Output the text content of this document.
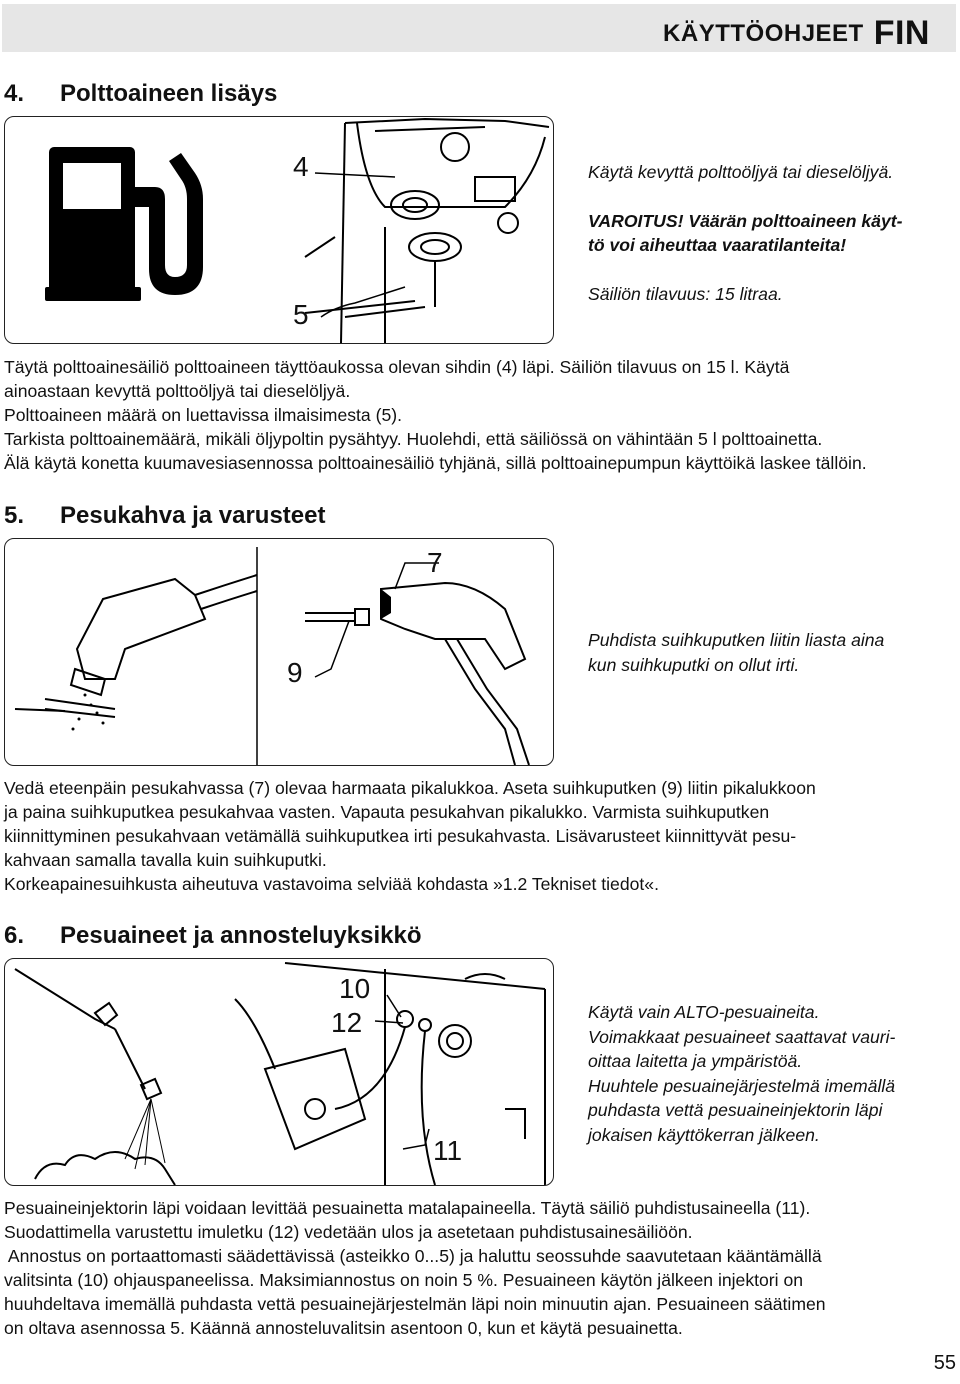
KÄYTTÖOHJEET FIN
4. Polttoaineen lisäys
4
5

Käytä kevyttä polttoöljyä tai dieselöljyä.

VAROITUS! Väärän polttoaineen käyt-

tö voi aiheuttaa vaaratilanteita!

Säiliön tilavuus: 15 litraa.

Täytä polttoainesäiliö polttoaineen täyttöaukossa olevan sihdin (4) läpi. Säiliön tilavuus on 15 l. Käytä
ainoastaan kevyttä polttoöljyä tai dieselöljyä.
Polttoaineen määrä on luettavissa ilmaisimesta (5).
Tarkista polttoainemäärä, mikäli öljypoltin pysähtyy. Huolehdi, että säiliössä on vähintään 5 l polttoainetta.
Älä käytä konetta kuumavesiasennossa polttoainesäiliö tyhjänä, sillä polttoainepumpun käyttöikä laskee tällöin.
5. Pesukahva ja varusteet
7
9

Puhdista suihkuputken liitin liasta aina

kun suihkuputki on ollut irti.

Vedä eteenpäin pesukahvassa (7) olevaa harmaata pikalukkoa. Aseta suihkuputken (9) liitin pikalukkoon
ja paina suihkuputkea pesukahvaa vasten. Vapauta pesukahvan pikalukko. Varmista suihkuputken
kiinnittyminen pesukahvaan vetämällä suihkuputkea irti pesukahvasta. Lisävarusteet kiinnittyvät pesu-
kahvaan samalla tavalla kuin suihkuputki.
Korkeapainesuihkusta aiheutuva vastavoima selviää kohdasta »1.2 Tekniset tiedot«.
6. Pesuaineet ja annosteluyksikkö
10
12
11

Käytä vain ALTO-pesuaineita.

Voimakkaat pesuaineet saattavat vauri-

oittaa laitetta ja ympäristöä.

Huuhtele pesuainejärjestelmä imemällä

puhdasta vettä pesuaineinjektorin läpi

jokaisen käyttökerran jälkeen.

Pesuaineinjektorin läpi voidaan levittää pesuainetta matalapaineella. Täytä säiliö puhdistusaineella (11).
Suodattimella varustettu imuletku (12) vedetään ulos ja asetetaan puhdistusainesäiliöön.
Annostus on portaattomasti säädettävissä (asteikko 0...5) ja haluttu seossuhde saavutetaan kääntämällä
valitsinta (10) ohjauspaneelissa. Maksimiannostus on noin 5 %. Pesuaineen käytön jälkeen injektori on
huuhdeltava imemällä puhdasta vettä pesuainejärjestelmän läpi noin minuutin ajan. Pesuaineen säätimen
on oltava asennossa 5. Käännä annosteluvalitsin asentoon 0, kun et käytä pesuainetta.
55
